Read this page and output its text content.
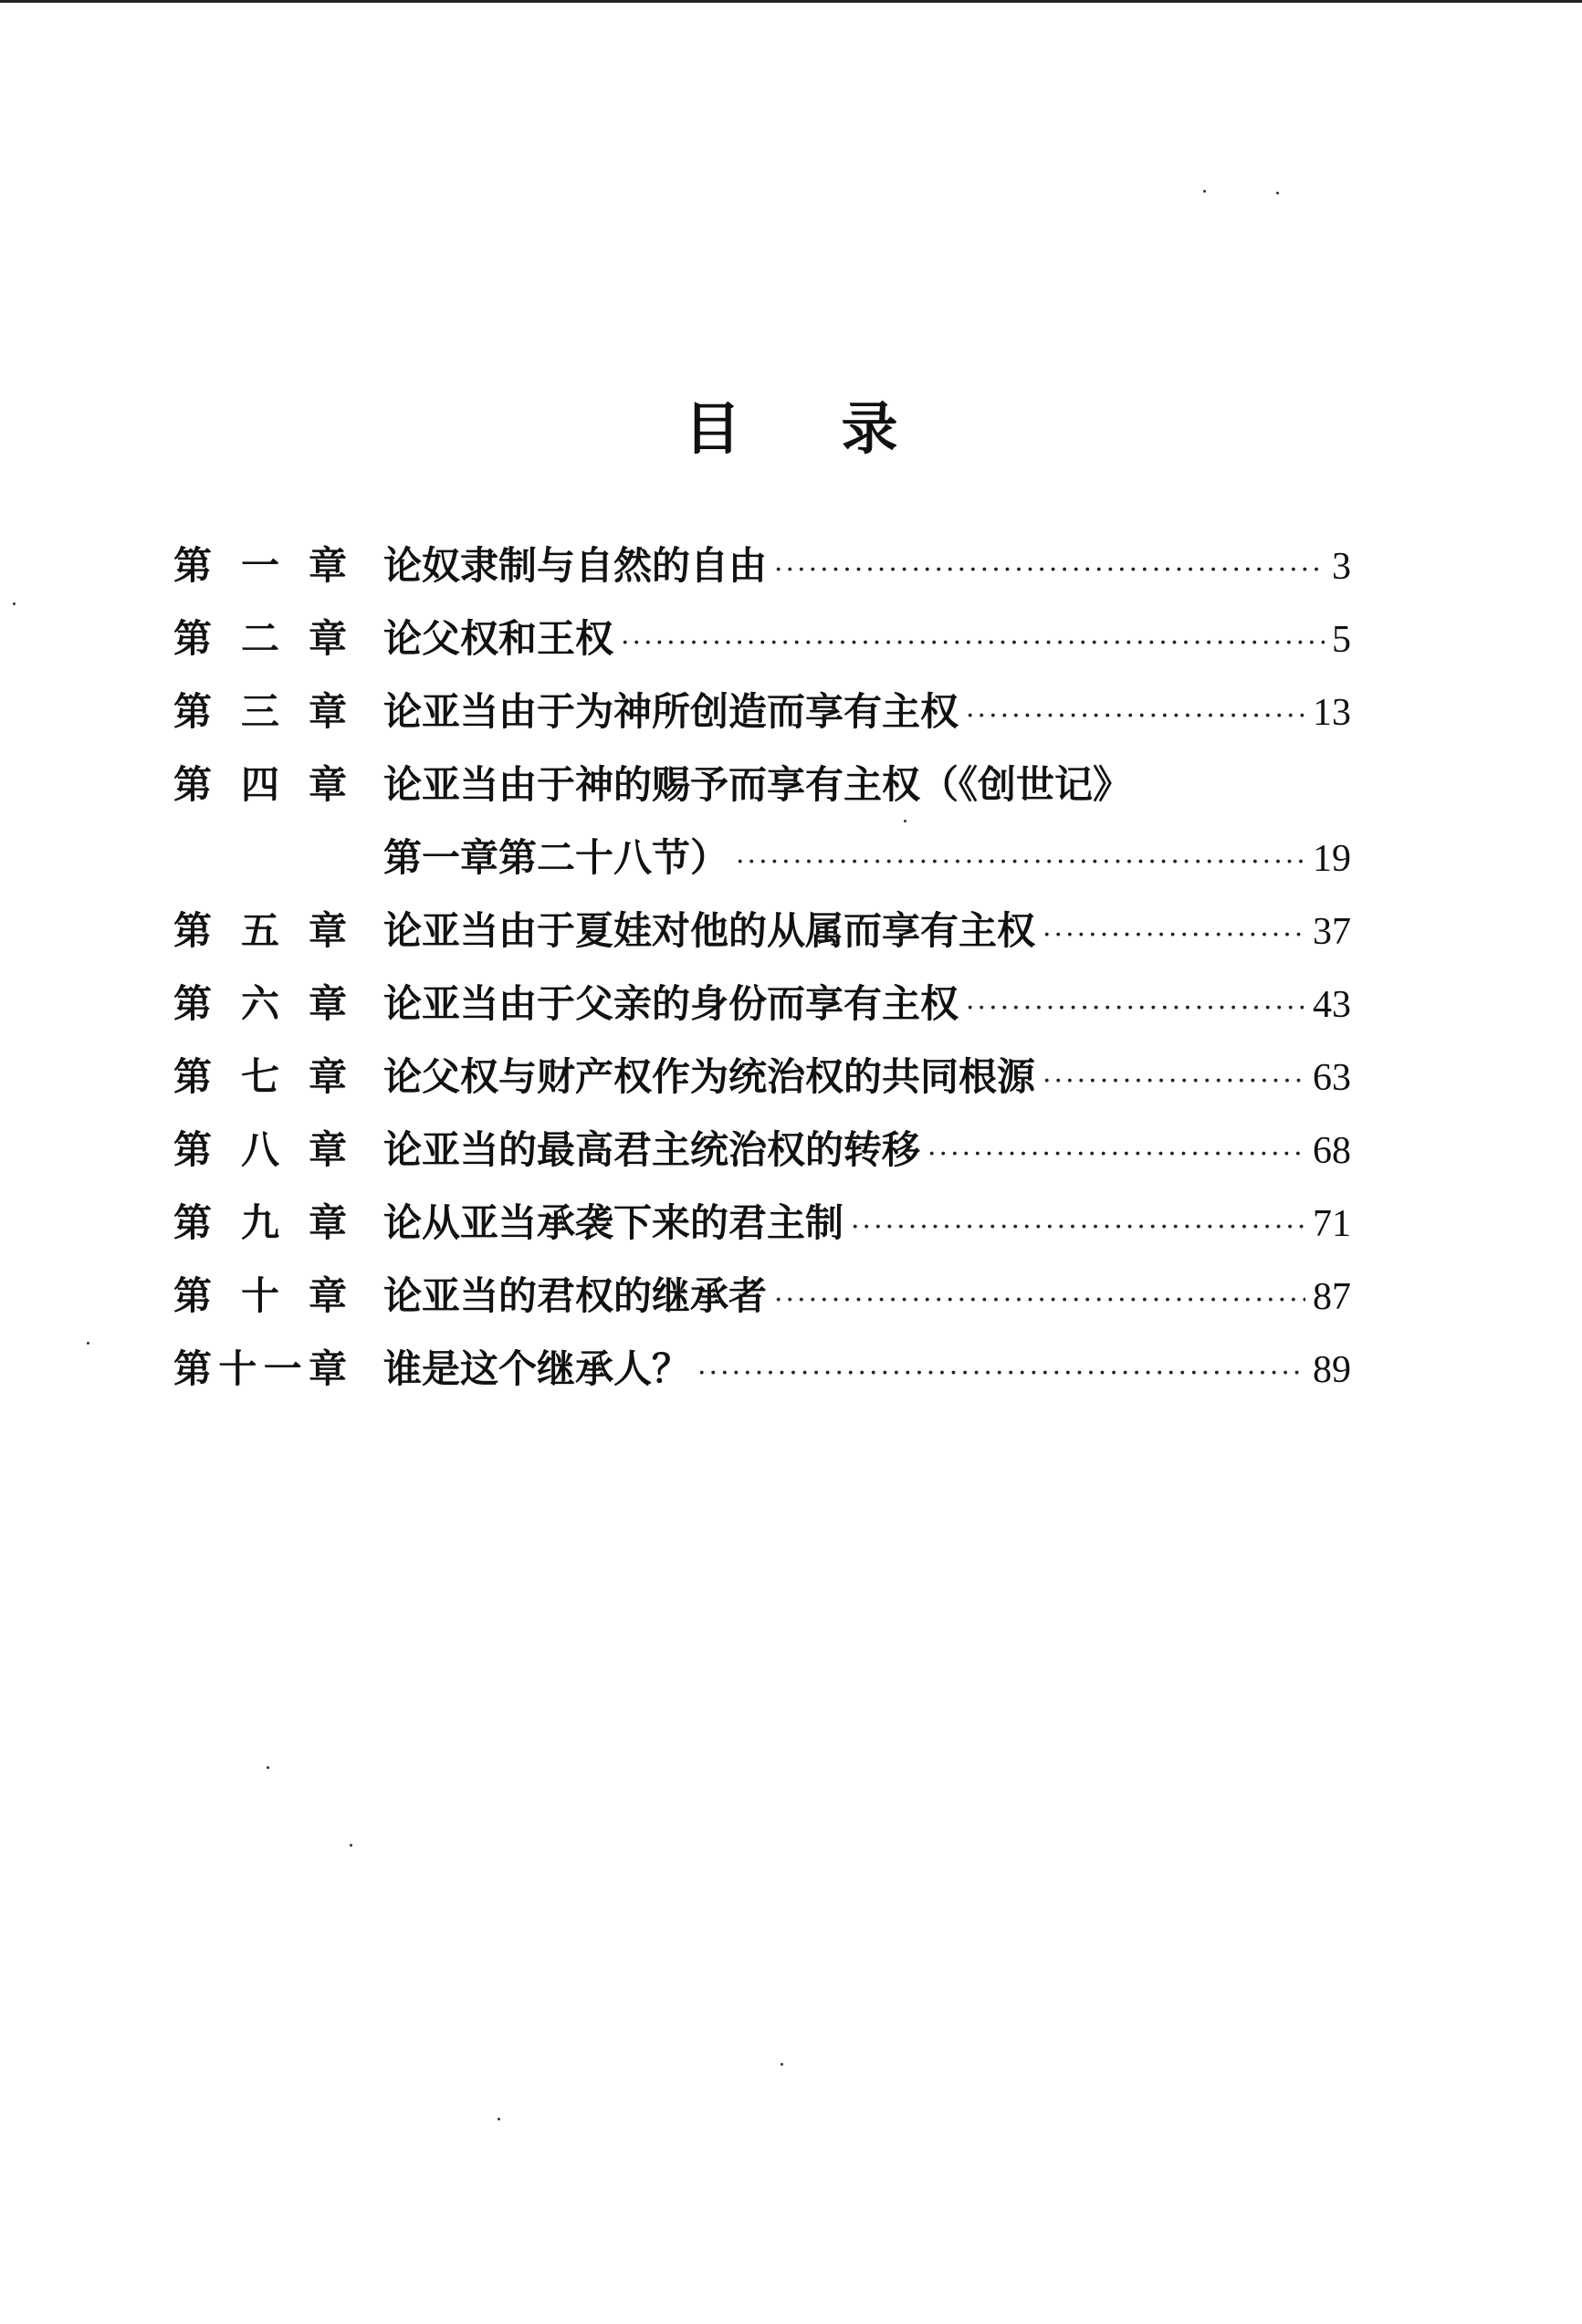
目 录
第 一 章 论奴隶制与自然的自由 ·····	3
第 二 章 论父权和王权 ·····	5
第 三 章 论亚当由于为神所创造而享有主权 ·····	13
第 四 章 论亚当由于神的赐予而享有主权（《创世记》
第一章第二十八节） ·····	19
第 五 章 论亚当由于夏娃对他的从属而享有主权 ·····	37
第 六 章 论亚当由于父亲的身份而享有主权 ·····	43
第 七 章 论父权与财产权作为统治权的共同根源 ·····	63
第 八 章 论亚当的最高君主统治权的转移 ·····	68
第 九 章 论从亚当承袭下来的君主制 ·····	71
第 十 章 论亚当的君权的继承者 ·····	87
第 十 一 章 谁是这个继承人？ ·····	89
